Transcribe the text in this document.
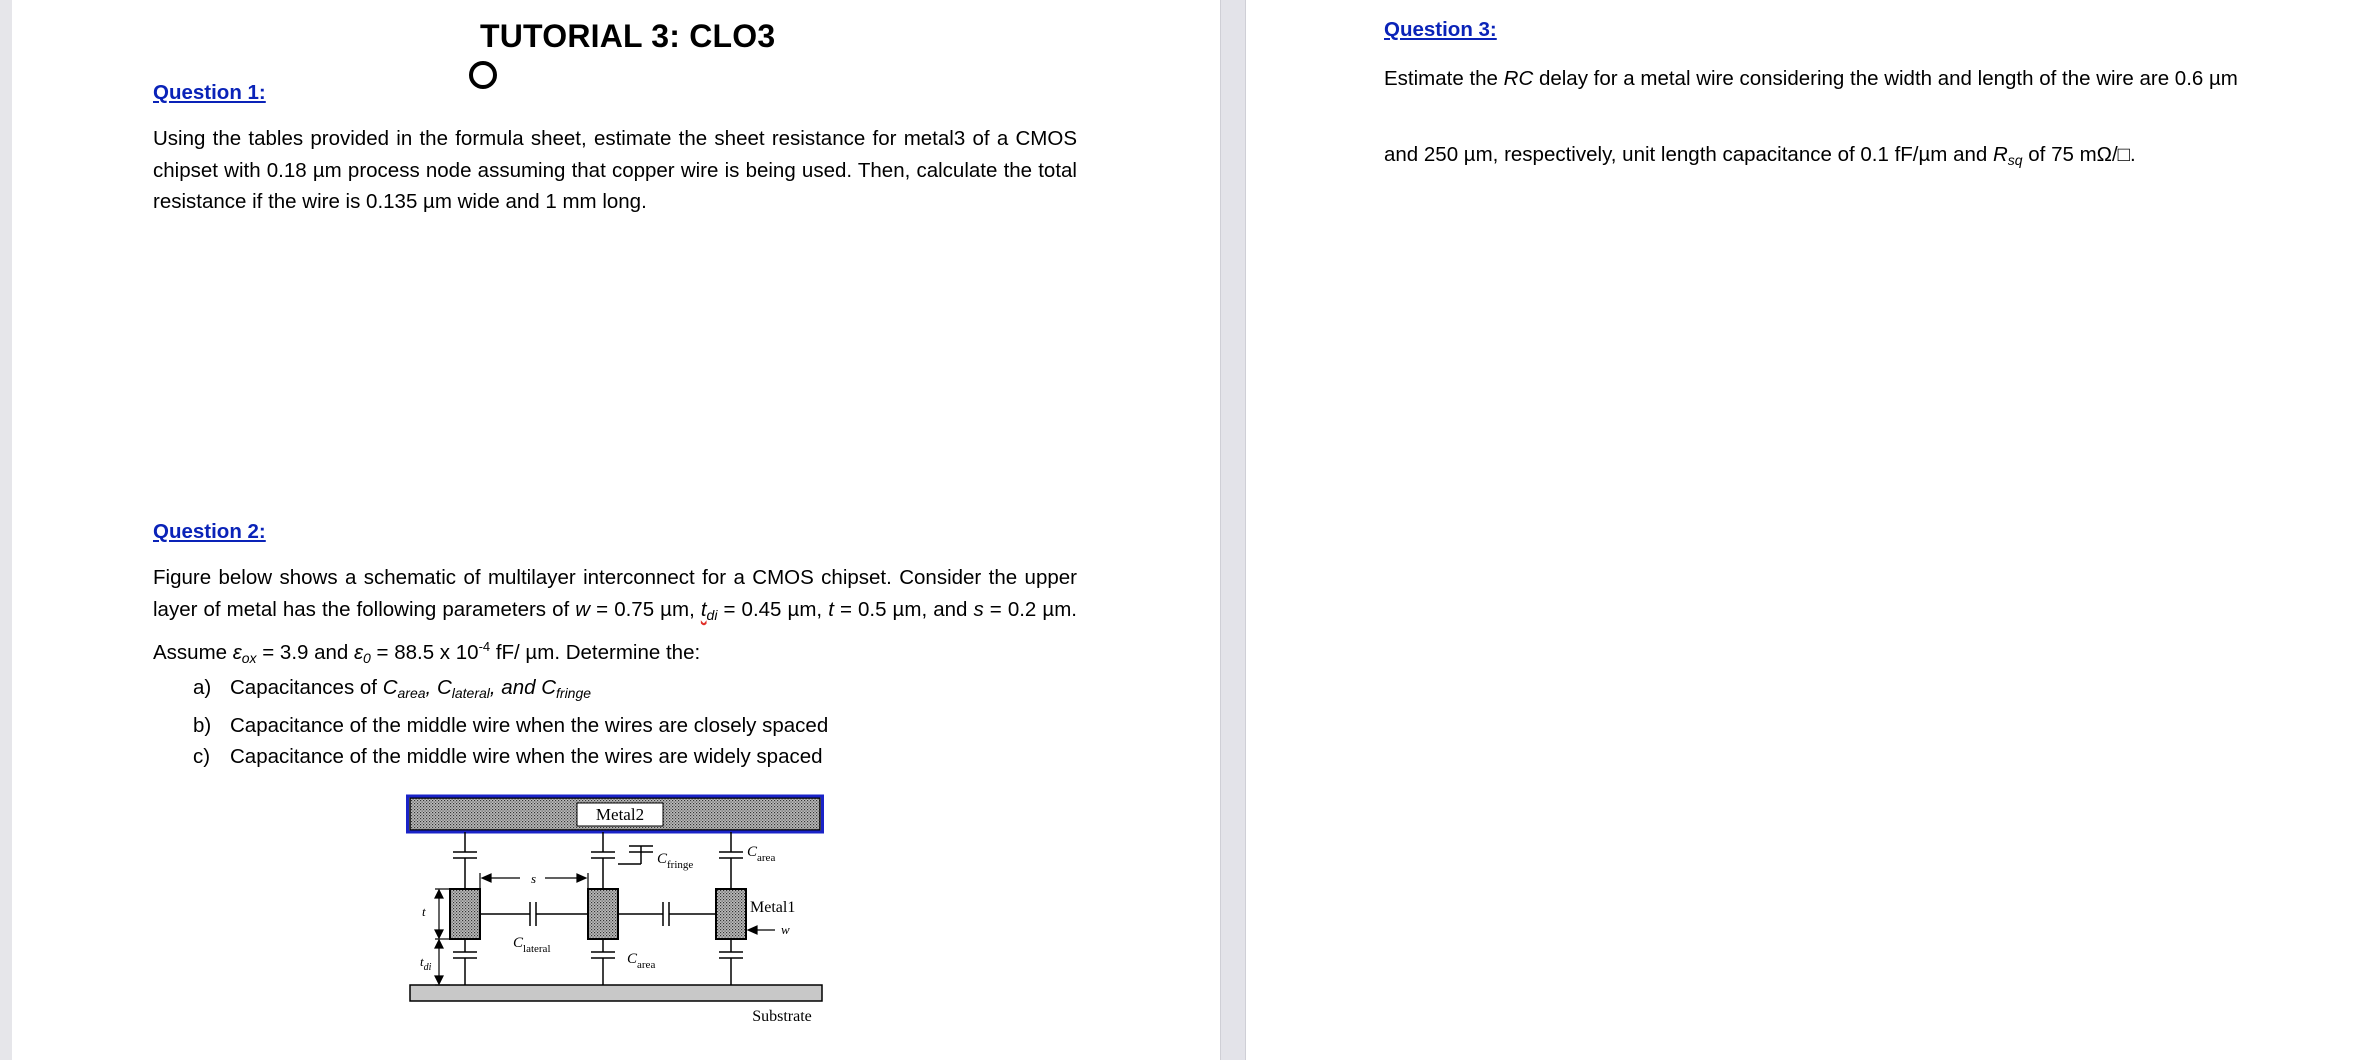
TUTORIAL 3: CLO3
Question 1:
Using the tables provided in the formula sheet, estimate the sheet resistance for metal3 of a CMOS chipset with 0.18 µm process node assuming that copper wire is being used. Then, calculate the total resistance if the wire is 0.135 µm wide and 1 mm long.
Question 2:
Figure below shows a schematic of multilayer interconnect for a CMOS chipset. Consider the upper layer of metal has the following parameters of w = 0.75 µm, $t_{di} = 0.45$ µm, t = 0.5 µm, and s = 0.2 µm. Assume $\varepsilon_{ox} = 3.9$ and $\varepsilon_0 = 88.5$ x $10^{-4}$ fF/ µm. Determine the:
a) Capacitances of $C_{area}$, $C_{lateral}$, and $C_{fringe}$
b) Capacitance of the middle wire when the wires are closely spaced
c) Capacitance of the middle wire when the wires are widely spaced
Metal2
Substrate
s
w
t
$t_{di}$
Metal1
$C_{fringe}$
$C_{area}$
$C_{lateral}$
$C_{area}$
Question 3:
Estimate the RC delay for a metal wire considering the width and length of the wire are 0.6 µm
and 250 µm, respectively, unit length capacitance of 0.1 fF/µm and $R_{sq}$ of 75 mΩ/□.
